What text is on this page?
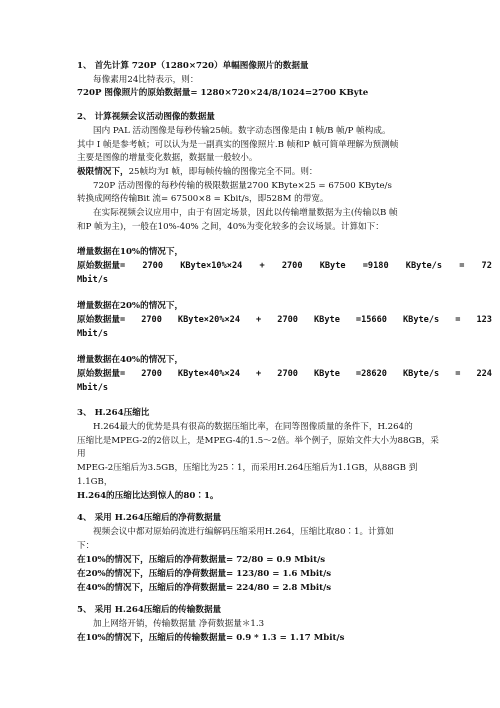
1、 首先计算 720P（1280×720）单幅图像照片的数据量
每像素用24比特表示，则：
720P 图像照片的原始数据量= 1280×720×24/8/1024=2700 KByte
2、 计算视频会议活动图像的数据量
国内 PAL 活动图像是每秒传输25帧。数字动态图像是由 I 帧/B 帧/P 帧构成。
其中 I 帧是参考帧；可以认为是一副真实的图像照片.B 帧和P 帧可简单理解为预测帧
主要是图像的增量变化数据，数据量一般较小。
极限情况下，25帧均为I 帧，即每帧传输的图像完全不同。则：
720P 活动图像的每秒传输的极限数据量2700 KByte×25 = 67500 KByte/s
转换成网络传输Bit 流= 67500×8 = Kbit/s，即528M 的带宽。
在实际视频会议应用中，由于有固定场景，因此以传输增量数据为主(传输以B 帧
和P 帧为主)，一般在10%-40% 之间，40%为变化较多的会议场景。计算如下：
增量数据在10%的情况下，
原始数据量= 2700 KByte×10%×24 + 2700 KByte =9180 KByte/s = 72
Mbit/s
增量数据在20%的情况下，
原始数据量= 2700 KByte×20%×24 + 2700 KByte =15660 KByte/s = 123
Mbit/s
增量数据在40%的情况下，
原始数据量= 2700 KByte×40%×24 + 2700 KByte =28620 KByte/s = 224
Mbit/s
3、 H.264压缩比
H.264最大的优势是具有很高的数据压缩比率，在同等图像质量的条件下，H.264的
压缩比是MPEG-2的2倍以上，是MPEG-4的1.5～2倍。举个例子，原始文件大小为88GB，采
用
MPEG-2压缩后为3.5GB，压缩比为25∶1，而采用H.264压缩后为1.1GB，从88GB 到
1.1GB，
H.264的压缩比达到惊人的80∶1。
4、 采用 H.264压缩后的净荷数据量
视频会议中都对原始码流进行编解码压缩采用H.264，压缩比取80∶1。计算如
下：
在10%的情况下，压缩后的净荷数据量= 72/80 = 0.9 Mbit/s
在20%的情况下，压缩后的净荷数据量= 123/80 = 1.6 Mbit/s
在40%的情况下，压缩后的净荷数据量= 224/80 = 2.8 Mbit/s
5、 采用 H.264压缩后的传输数据量
加上网络开销，传输数据量 净荷数据量＊1.3
在10%的情况下，压缩后的传输数据量= 0.9 * 1.3 = 1.17 Mbit/s
